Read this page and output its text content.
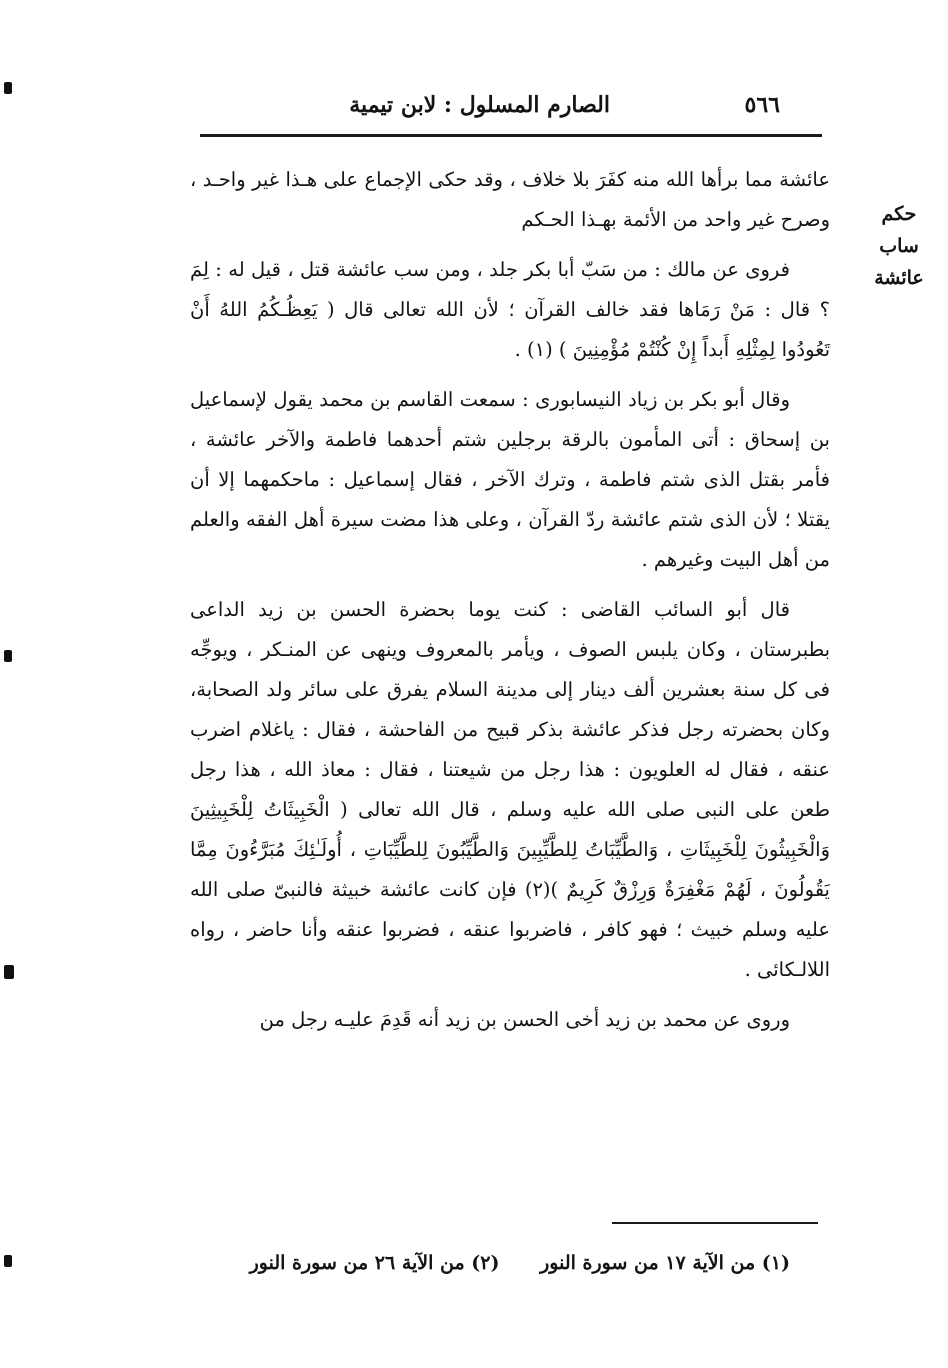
٥٦٦
الصارم المسلول : لابن تيمية
حكم ساب
عائشة

عائشة مما برأها الله منه كفَرَ بلا خلاف ، وقد حكى الإجماع على هـذا غير واحـد ، وصرح غير واحد من الأئمة بهـذا الحـكم

فروى عن مالك : من سَبّ أبا بكر جلد ، ومن سب عائشة قتل ، قيل له : لِمَ ؟ قال : مَنْ رَمَاها فقد خالف القرآن ؛ لأن الله تعالى قال ( يَعِظُـكُمُ اللهُ أَنْ تَعُودُوا لِمِثْلِهِ أَبداً إِنْ كُنْتُمْ مُؤْمِنِينَ ) (١) .

وقال أبو بكر بن زياد النيسابورى : سمعت القاسم بن محمد يقول لإسماعيل بن إسحاق : أتى المأمون بالرقة برجلين شتم أحدهما فاطمة والآخر عائشة ، فأمر بقتل الذى شتم فاطمة ، وترك الآخر ، فقال إسماعيل : ماحكمهما إلا أن يقتلا ؛ لأن الذى شتم عائشة ردّ القرآن ، وعلى هذا مضت سيرة أهل الفقه والعلم من أهل البيت وغيرهم .

قال أبو السائب القاضى : كنت يوما بحضرة الحسن بن زيد الداعى بطبرستان ، وكان يلبس الصوف ، ويأمر بالمعروف وينهى عن المنـكر ، ويوجِّه فى كل سنة بعشرين ألف دينار إلى مدينة السلام يفرق على سائر ولد الصحابة، وكان بحضرته رجل فذكر عائشة بذكر قبيح من الفاحشة ، فقال : ياغلام اضرب عنقه ، فقال له العلويون : هذا رجل من شيعتنا ، فقال : معاذ الله ، هذا رجل طعن على النبى صلى الله عليه وسلم ، قال الله تعالى ( الْخَبِيثَاتُ لِلْخَبِيثِينَ وَالْخَبِيثُونَ لِلْخَبِيثَاتِ ، وَالطَّيِّبَاتُ لِلطَّيِّبِينَ وَالطَّيِّبُونَ لِلطَّيِّبَاتِ ، أُولَـٰئِكَ مُبَرَّءُونَ مِمَّا يَقُولُونَ ، لَهُمْ مَغْفِرَةٌ وَرِزْقٌ كَرِيمٌ )(٢) فإن كانت عائشة خبيثة فالنبىّ صلى الله عليه وسلم خبيث ؛ فهو كافر ، فاضربوا عنقه ، فضربوا عنقه وأنا حاضر ، رواه اللالـكائى .

وروى عن محمد بن زيد أخى الحسن بن زيد أنه قَدِمَ عليـه رجل من

(١) من الآية ١٧ من سورة النور (٢) من الآية ٢٦ من سورة النور
